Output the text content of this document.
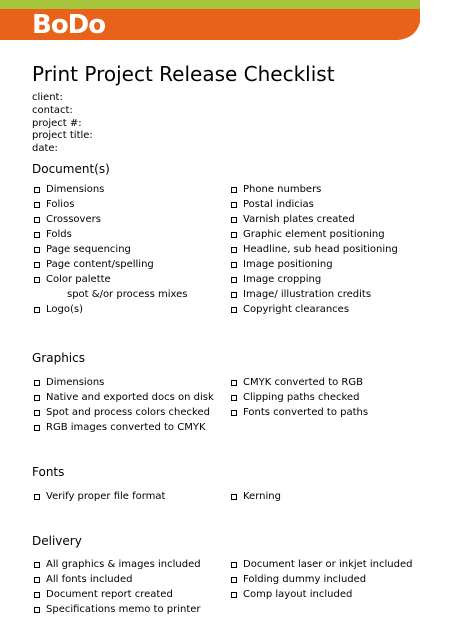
BoDo
Print Project Release Checklist
client:
contact:
project #:
project title:
date:
Document(s)
Dimensions
Folios
Crossovers
Folds
Page sequencing
Page content/spelling
Color palette
spot &/or process mixes
Logo(s)
Phone numbers
Postal indicias
Varnish plates created
Graphic element positioning
Headline, sub head positioning
Image positioning
Image cropping
Image/ illustration credits
Copyright clearances
Graphics
Dimensions
Native and exported docs on disk
Spot and process colors checked
RGB images converted to CMYK
CMYK converted to RGB
Clipping paths checked
Fonts converted to paths
Fonts
Verify proper file format	Kerning
Delivery
All graphics & images included
All fonts included
Document report created
Specifications memo to printer
Document laser or inkjet included
Folding dummy included
Comp layout included
